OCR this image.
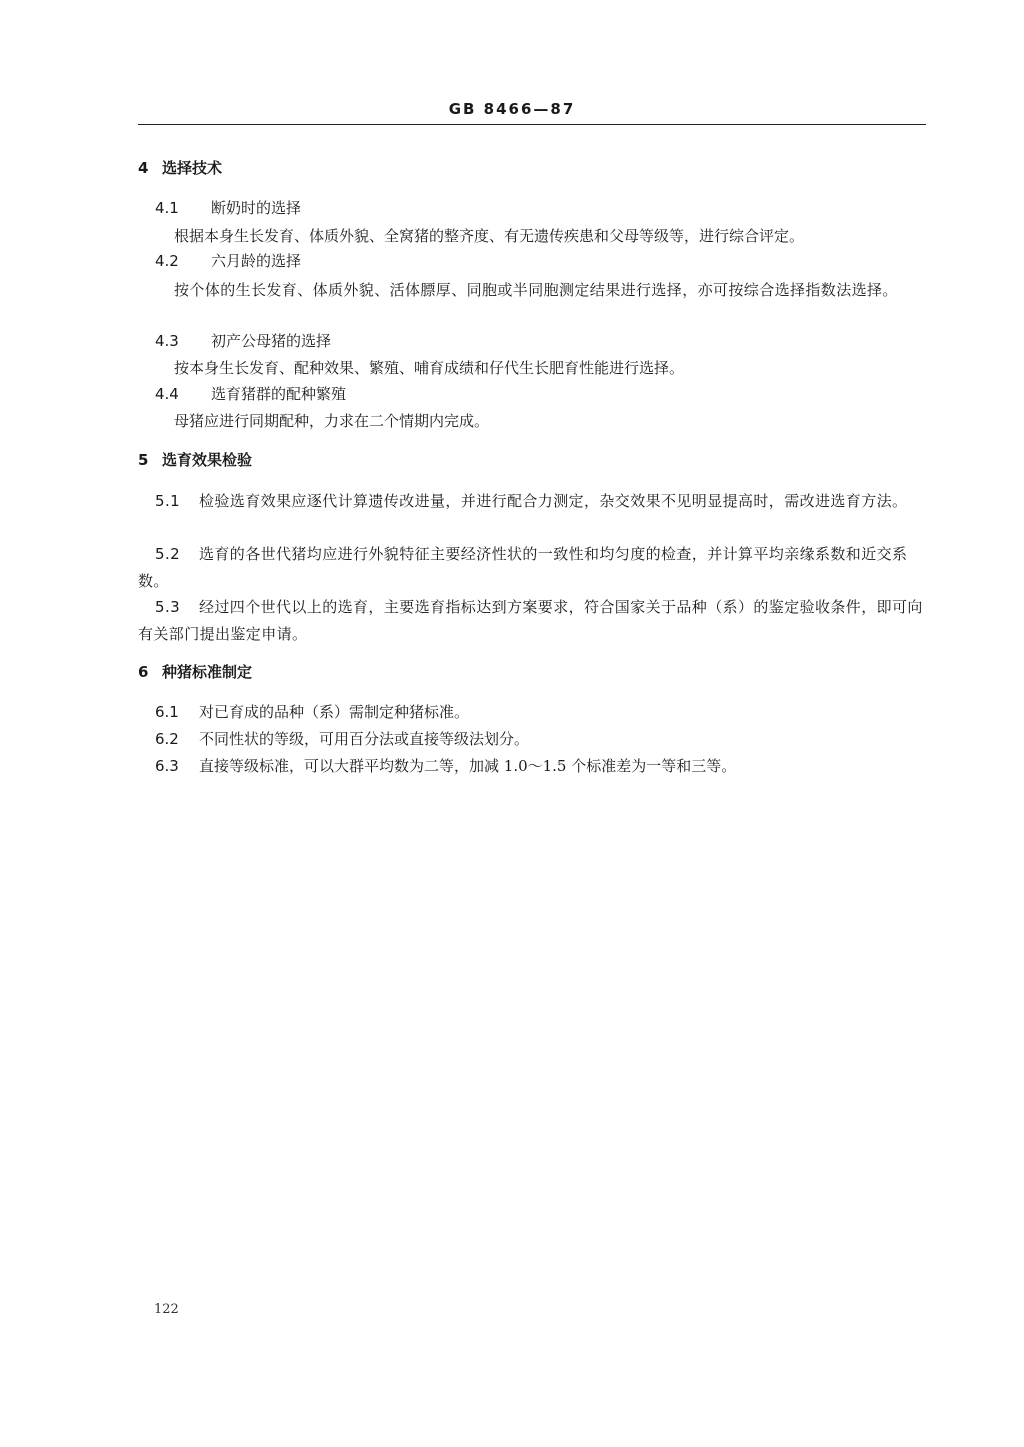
GB 8466—87
4 选择技术
4.1 断奶时的选择
根据本身生长发育、体质外貌、全窝猪的整齐度、有无遗传疾患和父母等级等，进行综合评定。
4.2 六月龄的选择
按个体的生长发育、体质外貌、活体膘厚、同胞或半同胞测定结果进行选择，亦可按综合选择指数法选择。
4.3 初产公母猪的选择
按本身生长发育、配种效果、繁殖、哺育成绩和仔代生长肥育性能进行选择。
4.4 选育猪群的配种繁殖
母猪应进行同期配种，力求在二个情期内完成。
5 选育效果检验
5.1 检验选育效果应逐代计算遗传改进量，并进行配合力测定，杂交效果不见明显提高时，需改进选育方法。
5.2 选育的各世代猪均应进行外貌特征主要经济性状的一致性和均匀度的检查，并计算平均亲缘系数和近交系数。
5.3 经过四个世代以上的选育，主要选育指标达到方案要求，符合国家关于品种（系）的鉴定验收条件，即可向有关部门提出鉴定申请。
6 种猪标准制定
6.1 对已育成的品种（系）需制定种猪标准。
6.2 不同性状的等级，可用百分法或直接等级法划分。
6.3 直接等级标准，可以大群平均数为二等，加减 1.0～1.5 个标准差为一等和三等。
122
